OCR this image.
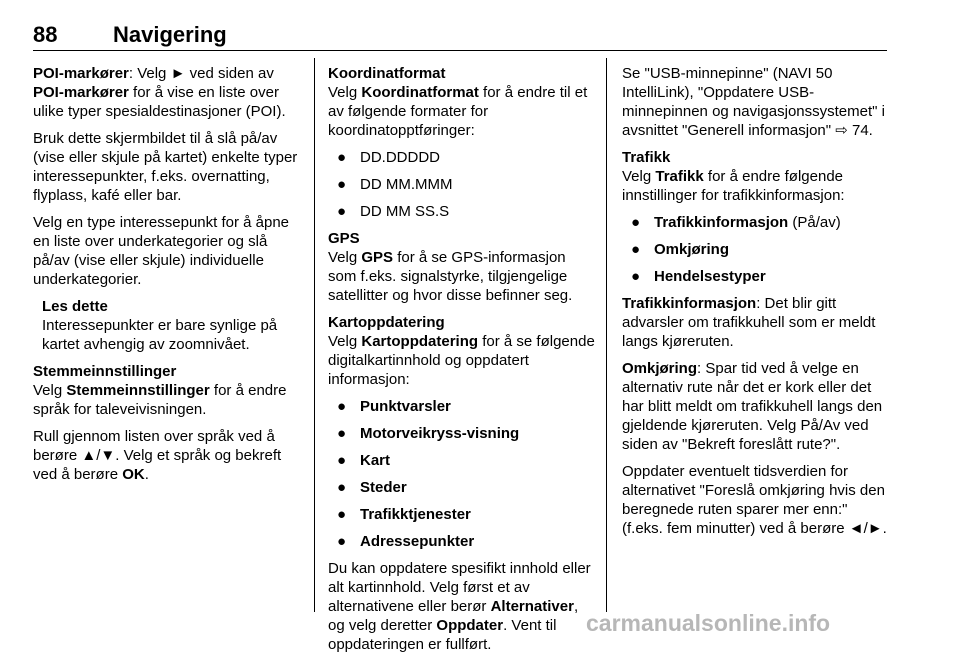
88	Navigering

POI-markører: Velg ► ved siden av POI-markører for å vise en liste over ulike typer spesialdestinasjoner (POI).

Bruk dette skjermbildet til å slå på/av (vise eller skjule på kartet) enkelte typer interessepunkter, f.eks. overnatting, flyplass, kafé eller bar.

Velg en type interessepunkt for å åpne en liste over underkategorier og slå på/av (vise eller skjule) individuelle underkategorier.

Les dette
Interessepunkter er bare synlige på kartet avhengig av zoomnivået.
Stemmeinnstillinger

Velg Stemmeinnstillinger for å endre språk for taleveivisningen.

Rull gjennom listen over språk ved å berøre ▲/▼. Velg et språk og bekreft ved å berøre OK.

Koordinatformat

Velg Koordinatformat for å endre til et av følgende formater for koordinatopptføringer:

● DD.DDDDD
● DD MM.MMM
● DD MM SS.S
GPS

Velg GPS for å se GPS-informasjon som f.eks. signalstyrke, tilgjengelige satellitter og hvor disse befinner seg.

Kartoppdatering

Velg Kartoppdatering for å se følgende digitalkartinnhold og oppdatert informasjon:

● Punktvarsler
● Motorveikryss-visning
● Kart
● Steder
● Trafikktjenester
● Adressepunkter

Du kan oppdatere spesifikt innhold eller alt kartinnhold. Velg først et av alternativene eller berør Alternativer, og velg deretter Oppdater. Vent til oppdateringen er fullført.

Se "USB-minnepinne" (NAVI 50 IntelliLink), "Oppdatere USB-minnepinnen og navigasjonssystemet" i avsnittet "Generell informasjon" ⇨ 74.

Trafikk

Velg Trafikk for å endre følgende innstillinger for trafikkinformasjon:

● Trafikkinformasjon (På/av)
● Omkjøring
● Hendelsestyper

Trafikkinformasjon: Det blir gitt advarsler om trafikkuhell som er meldt langs kjøreruten.

Omkjøring: Spar tid ved å velge en alternativ rute når det er kork eller det har blitt meldt om trafikkuhell langs den gjeldende kjøreruten. Velg På/Av ved siden av "Bekreft foreslått rute?".

Oppdater eventuelt tidsverdien for alternativet "Foreslå omkjøring hvis den beregnede ruten sparer mer enn:" (f.eks. fem minutter) ved å berøre ◄/►.

carmanualsonline.info
